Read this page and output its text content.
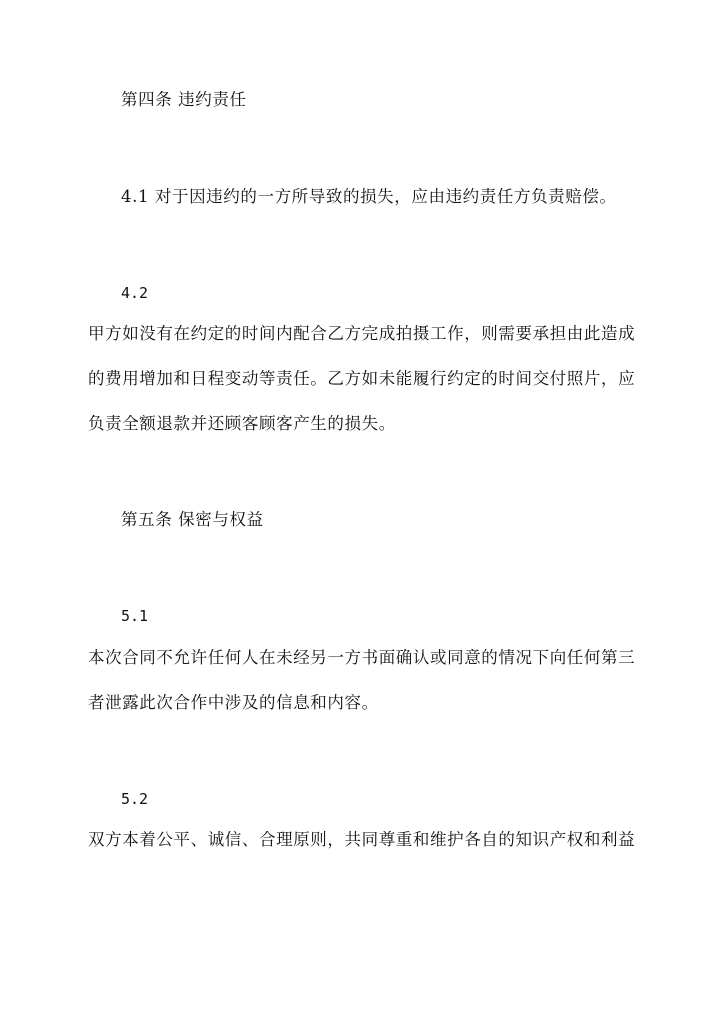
第四条 违约责任
4.1 对于因违约的一方所导致的损失，应由违约责任方负责赔偿。
4.2
甲方如没有在约定的时间内配合乙方完成拍摄工作，则需要承担由此造成
的费用增加和日程变动等责任。乙方如未能履行约定的时间交付照片，应
负责全额退款并还顾客顾客产生的损失。
第五条 保密与权益
5.1
本次合同不允许任何人在未经另一方书面确认或同意的情况下向任何第三
者泄露此次合作中涉及的信息和内容。
5.2
双方本着公平、诚信、合理原则，共同尊重和维护各自的知识产权和利益
